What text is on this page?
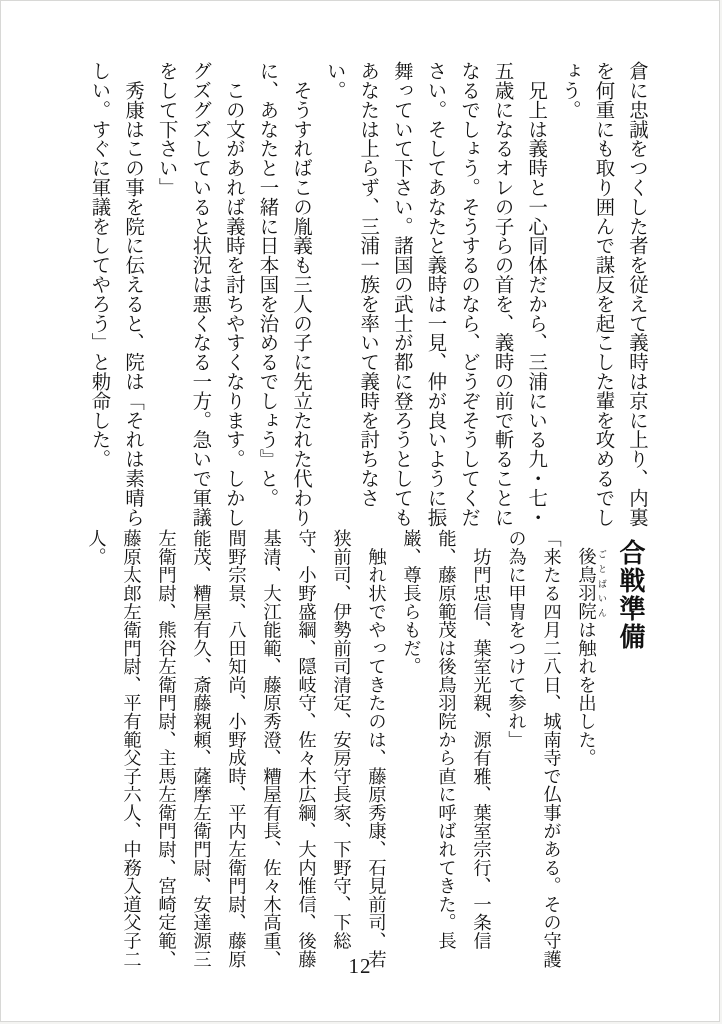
倉に忠誠をつくした者を従えて義時は京に上り、内裏
を何重にも取り囲んで謀反を起こした輩を攻めるでし
ょう。
　兄上は義時と一心同体だから、三浦にいる九・七・
五歳になるオレの子らの首を、義時の前で斬ることに
なるでしょう。そうするのなら、どうぞそうしてくだ
さい。そしてあなたと義時は一見、仲が良いように振
舞っていて下さい。諸国の武士が都に登ろうとしても
あなたは上らず、三浦一族を率いて義時を討ちなさ
い。
　そうすればこの胤義も三人の子に先立たれた代わり
に、あなたと一緒に日本国を治めるでしょう』と。
　この文があれば義時を討ちやすくなります。しかし
グズグズしていると状況は悪くなる一方。急いで軍議
をして下さい」
　秀康はこの事を院に伝えると、院は「それは素晴ら
しい。すぐに軍議をしてやろう」と勅命した。
合戦準備
　後鳥羽院 ごとばいんは触れを出した。
「来たる四月二八日、城南寺で仏事がある。その守護
の為に甲冑をつけて参れ」
　坊門忠信、葉室光親、源有雅、葉室宗行、一条信
能、藤原範茂は後鳥羽院から直に呼ばれてきた。長
巌、尊長らもだ。
　触れ状でやってきたのは、藤原秀康、石見前司、若
狭前司、伊勢前司清定、安房守長家、下野守、下総
守、小野盛綱、隠岐守、佐々木広綱、大内惟信、後藤
基清、大江能範、藤原秀澄、糟屋有長、佐々木高重、
間野宗景、八田知尚、小野成時、平内左衛門尉、藤原
能茂、糟屋有久、斎藤親頼、薩摩左衛門尉、安達源三
左衛門尉、熊谷左衛門尉、主馬左衛門尉、宮崎定範、
藤原太郎左衛門尉、平有範父子六人、中務入道父子二
人。
12
